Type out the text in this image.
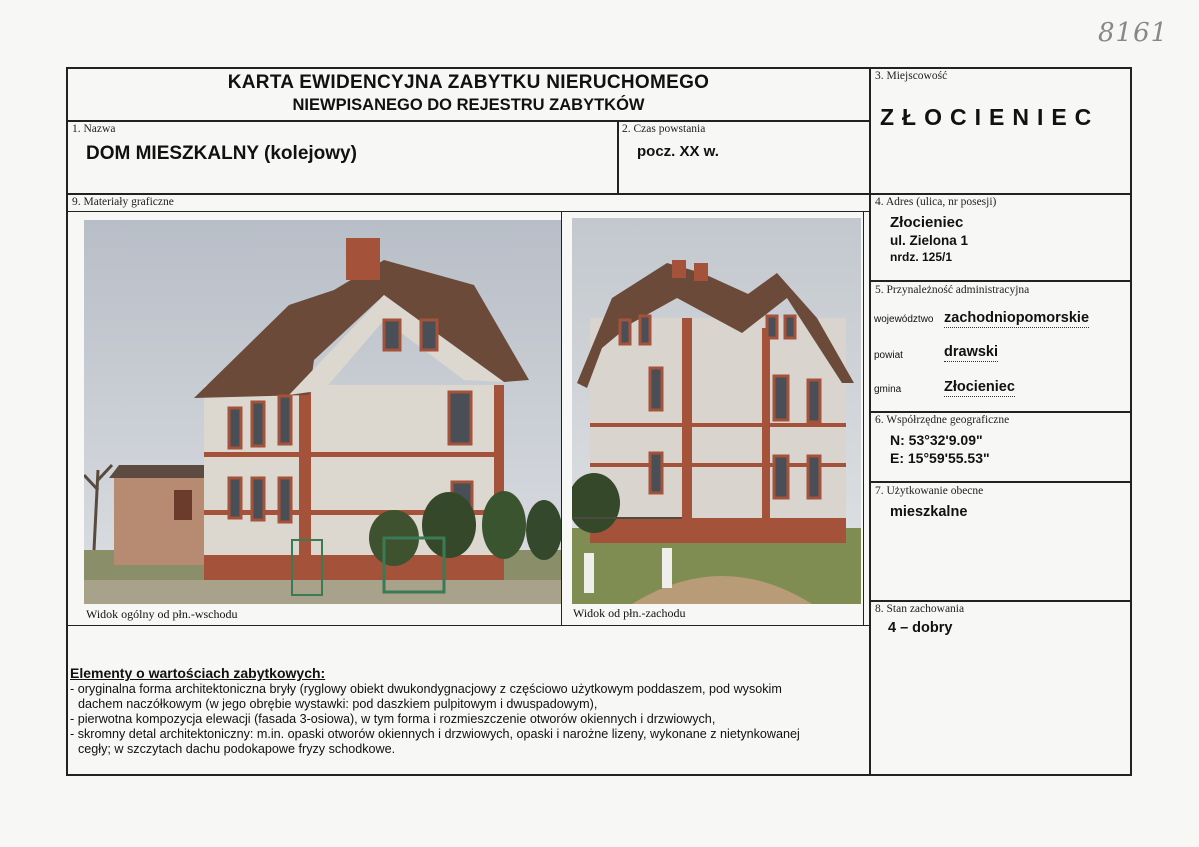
8161
KARTA EWIDENCYJNA ZABYTKU NIERUCHOMEGO
NIEWPISANEGO DO REJESTRU ZABYTKÓW
1. Nazwa
DOM MIESZKALNY (kolejowy)
2. Czas powstania
pocz. XX w.
3. Miejscowość
ZŁOCIENIEC
4. Adres (ulica, nr posesji)
Złocieniec
ul. Zielona 1
nrdz. 125/1
5. Przynależność administracyjna
województwo zachodniopomorskie
powiat	drawski
gmina	Złocieniec
6. Współrzędne geograficzne
N: 53°32'9.09"
E: 15°59'55.53"
7. Użytkowanie obecne
mieszkalne
8. Stan zachowania
4 – dobry
9. Materiały graficzne
Widok ogólny od płn.-wschodu	Widok od płn.-zachodu

Elementy o wartościach zabytkowych:

- oryginalna forma architektoniczna bryły (ryglowy obiekt dwukondygnacjowy z częściowo użytkowym poddaszem, pod wysokim

dachem naczółkowym (w jego obrębie wystawki: pod daszkiem pulpitowym i dwuspadowym),

- pierwotna kompozycja elewacji (fasada 3-osiowa), w tym forma i rozmieszczenie otworów okiennych i drzwiowych,

- skromny detal architektoniczny: m.in. opaski otworów okiennych i drzwiowych, opaski i narożne lizeny, wykonane z nietynkowanej

cegły; w szczytach dachu podokapowe fryzy schodkowe.
